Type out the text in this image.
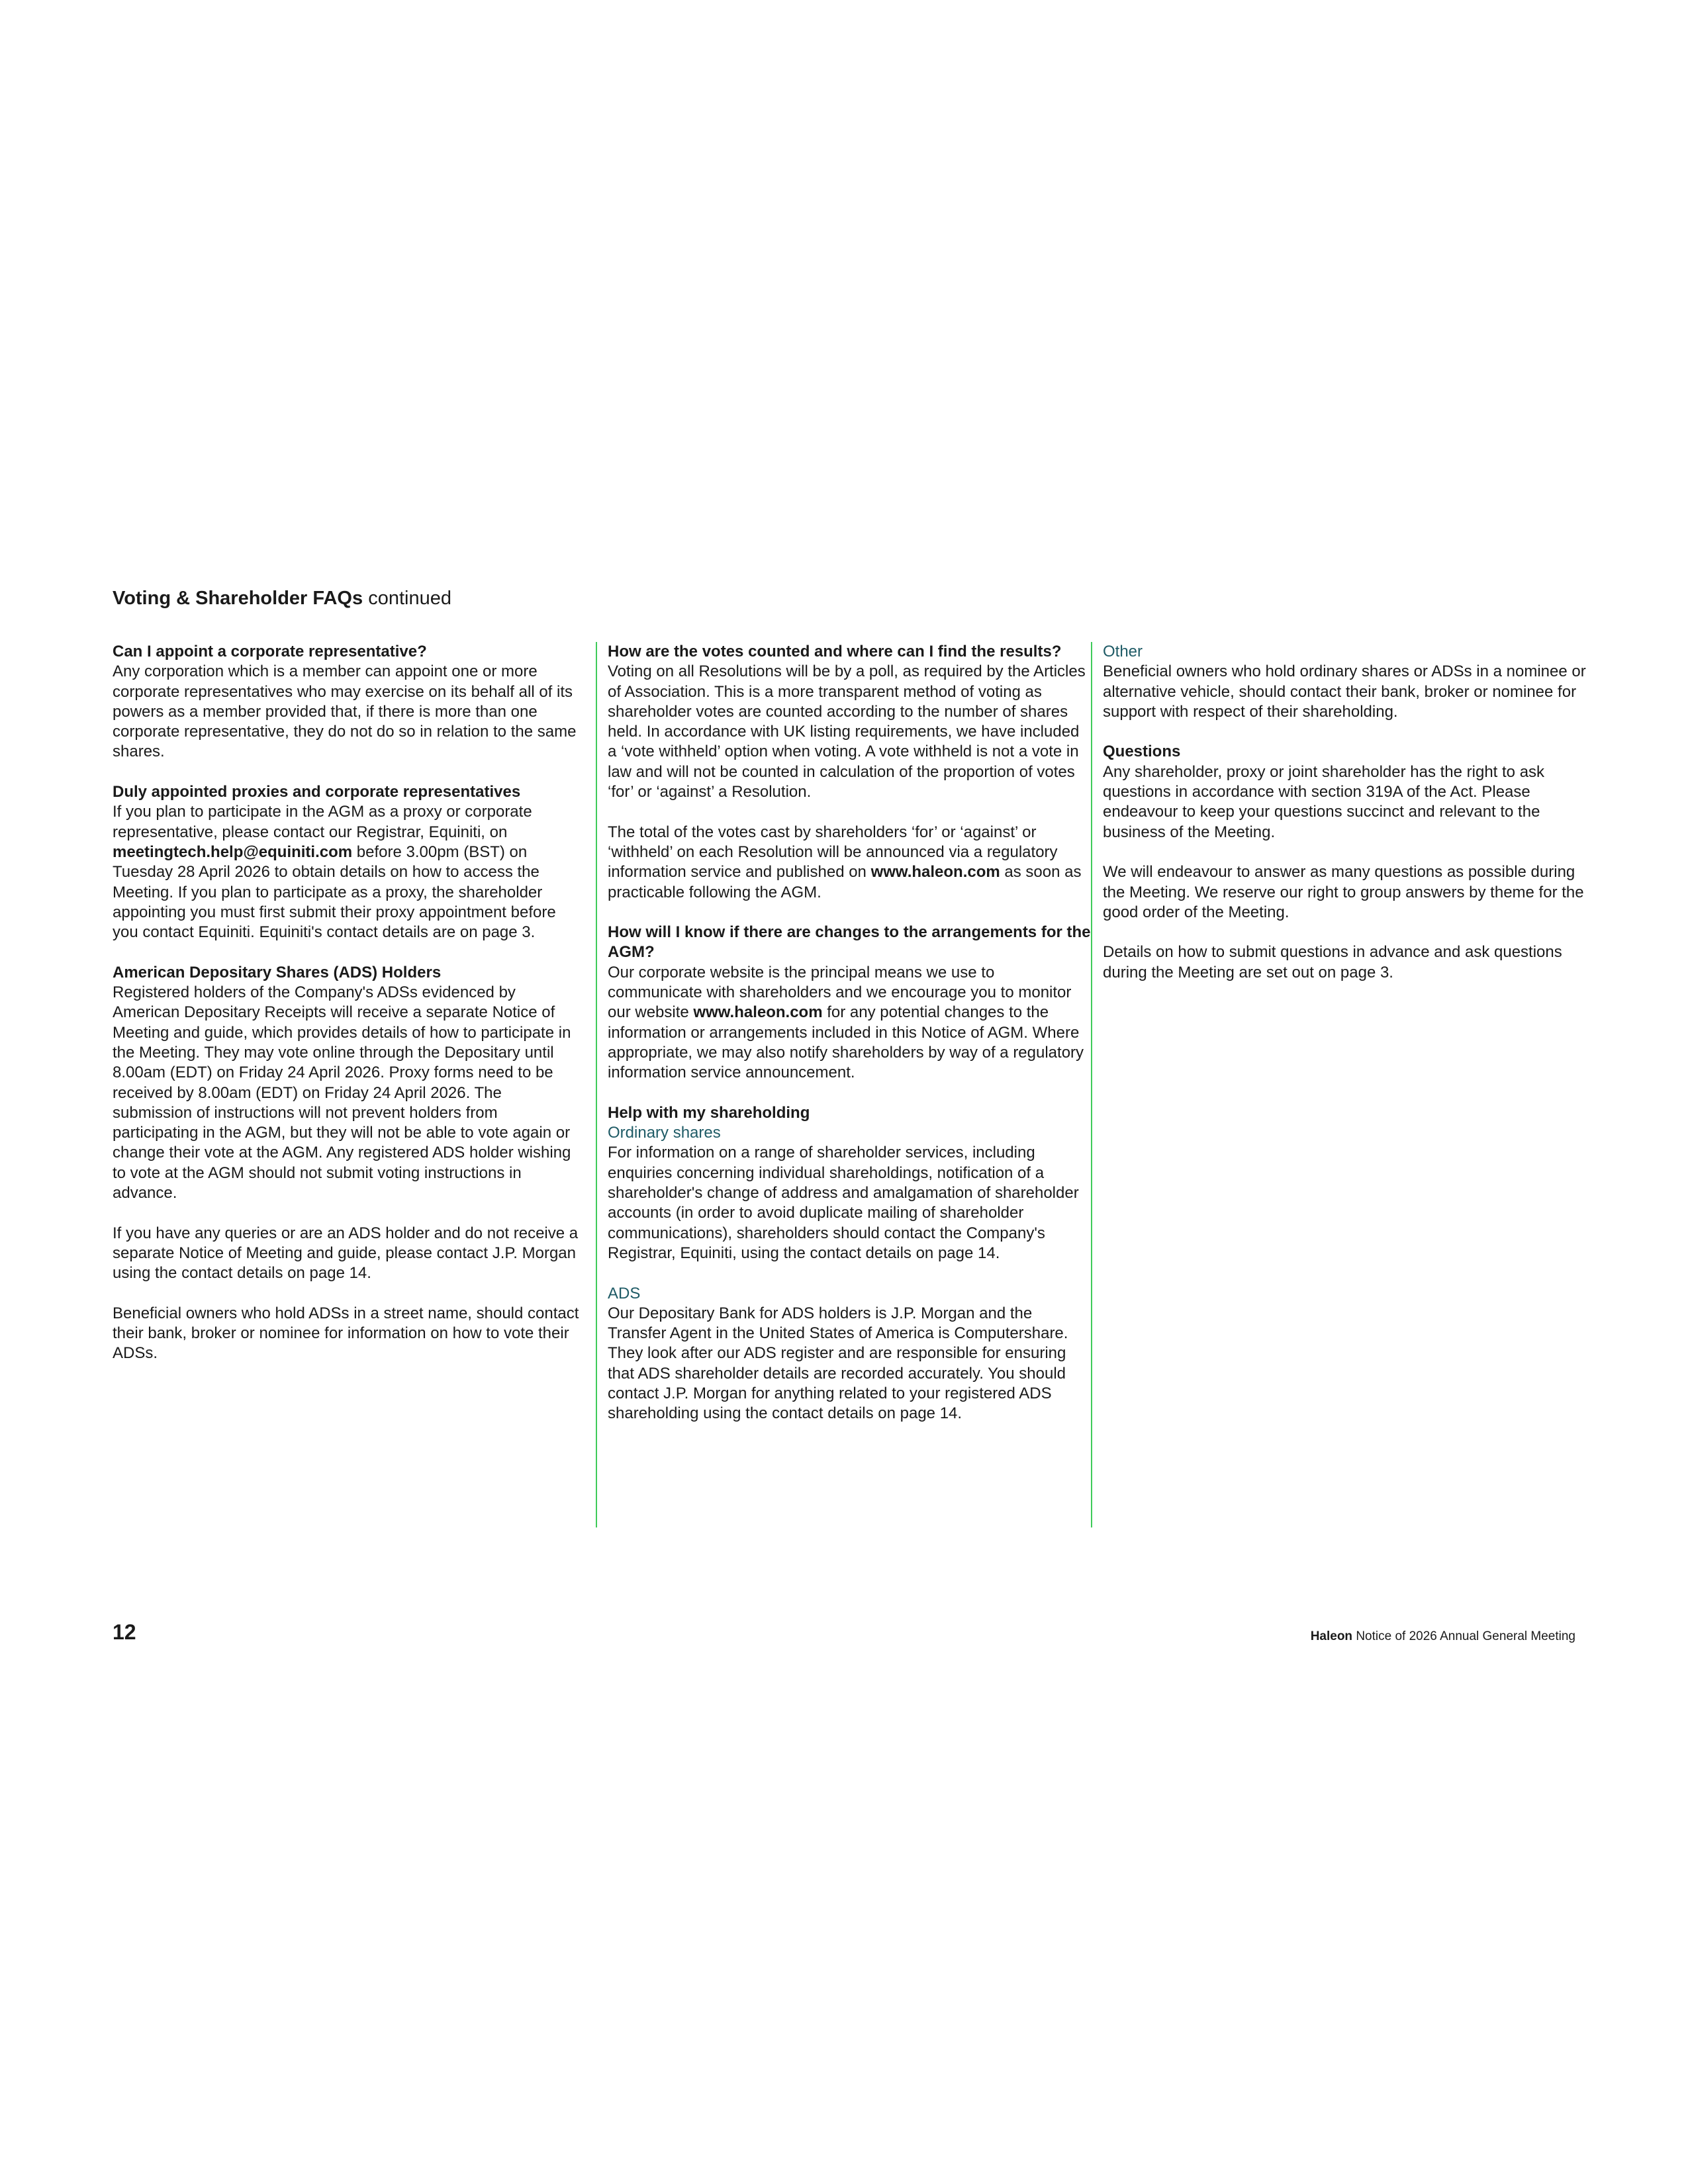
Voting & Shareholder FAQs continued
Can I appoint a corporate representative?
Any corporation which is a member can appoint one or more corporate representatives who may exercise on its behalf all of its powers as a member provided that, if there is more than one corporate representative, they do not do so in relation to the same shares.
Duly appointed proxies and corporate representatives
If you plan to participate in the AGM as a proxy or corporate representative, please contact our Registrar, Equiniti, on meetingtech.help@equiniti.com before 3.00pm (BST) on Tuesday 28 April 2026 to obtain details on how to access the Meeting. If you plan to participate as a proxy, the shareholder appointing you must first submit their proxy appointment before you contact Equiniti. Equiniti's contact details are on page 3.
American Depositary Shares (ADS) Holders
Registered holders of the Company's ADSs evidenced by American Depositary Receipts will receive a separate Notice of Meeting and guide, which provides details of how to participate in the Meeting. They may vote online through the Depositary until 8.00am (EDT) on Friday 24 April 2026. Proxy forms need to be received by 8.00am (EDT) on Friday 24 April 2026. The submission of instructions will not prevent holders from participating in the AGM, but they will not be able to vote again or change their vote at the AGM. Any registered ADS holder wishing to vote at the AGM should not submit voting instructions in advance.
If you have any queries or are an ADS holder and do not receive a separate Notice of Meeting and guide, please contact J.P. Morgan using the contact details on page 14.
Beneficial owners who hold ADSs in a street name, should contact their bank, broker or nominee for information on how to vote their ADSs.
How are the votes counted and where can I find the results?
Voting on all Resolutions will be by a poll, as required by the Articles of Association. This is a more transparent method of voting as shareholder votes are counted according to the number of shares held. In accordance with UK listing requirements, we have included a ‘vote withheld’ option when voting. A vote withheld is not a vote in law and will not be counted in calculation of the proportion of votes ‘for’ or ‘against’ a Resolution.
The total of the votes cast by shareholders ‘for’ or ‘against’ or ‘withheld’ on each Resolution will be announced via a regulatory information service and published on www.haleon.com as soon as practicable following the AGM.
How will I know if there are changes to the arrangements for the AGM?
Our corporate website is the principal means we use to communicate with shareholders and we encourage you to monitor our website www.haleon.com for any potential changes to the information or arrangements included in this Notice of AGM. Where appropriate, we may also notify shareholders by way of a regulatory information service announcement.
Help with my shareholding
Ordinary shares
For information on a range of shareholder services, including enquiries concerning individual shareholdings, notification of a shareholder's change of address and amalgamation of shareholder accounts (in order to avoid duplicate mailing of shareholder communications), shareholders should contact the Company's Registrar, Equiniti, using the contact details on page 14.
ADS
Our Depositary Bank for ADS holders is J.P. Morgan and the Transfer Agent in the United States of America is Computershare. They look after our ADS register and are responsible for ensuring that ADS shareholder details are recorded accurately. You should contact J.P. Morgan for anything related to your registered ADS shareholding using the contact details on page 14.
Other
Beneficial owners who hold ordinary shares or ADSs in a nominee or alternative vehicle, should contact their bank, broker or nominee for support with respect of their shareholding.
Questions
Any shareholder, proxy or joint shareholder has the right to ask questions in accordance with section 319A of the Act. Please endeavour to keep your questions succinct and relevant to the business of the Meeting.
We will endeavour to answer as many questions as possible during the Meeting. We reserve our right to group answers by theme for the good order of the Meeting.
Details on how to submit questions in advance and ask questions during the Meeting are set out on page 3.
12	Haleon Notice of 2026 Annual General Meeting
